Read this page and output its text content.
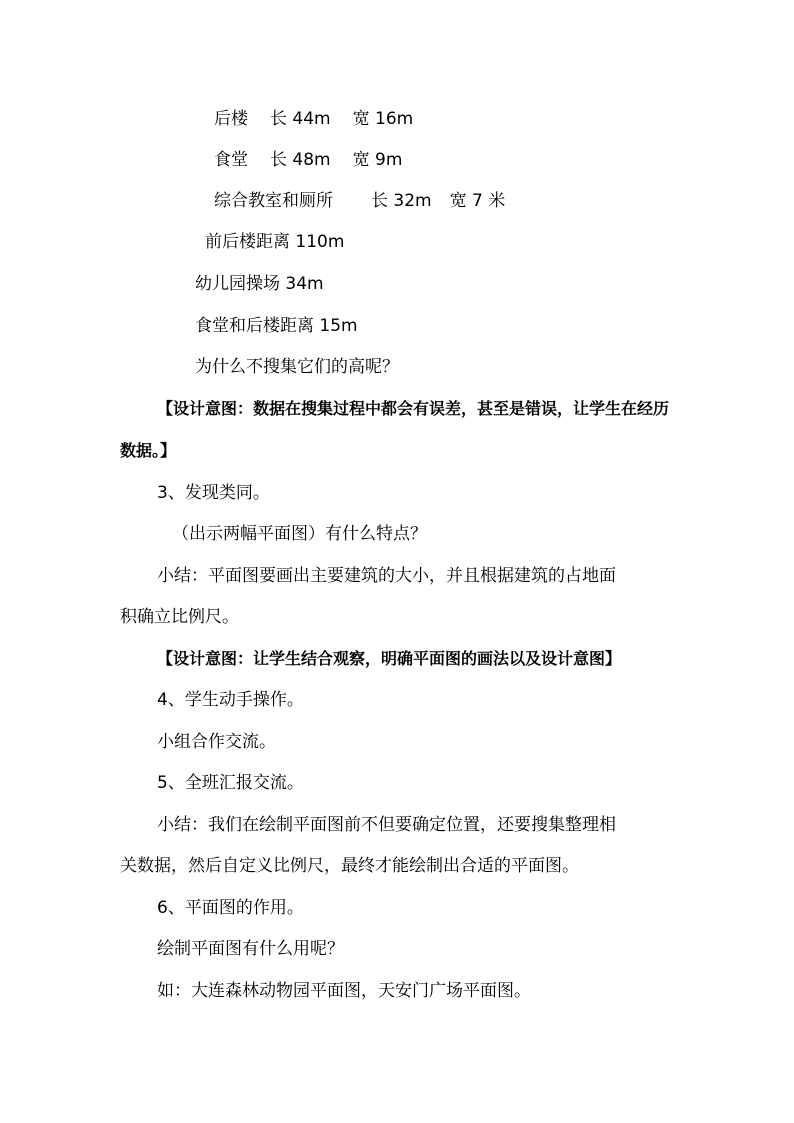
后楼 长 44m 宽 16m
食堂 长 48m 宽 9m
综合教室和厕所 长 32m 宽 7 米
前后楼距离 110m
幼儿园操场 34m
食堂和后楼距离 15m
为什么不搜集它们的高呢？
【设计意图：数据在搜集过程中都会有误差，甚至是错误，让学生在经历
数据。】
3、发现类同。
（出示两幅平面图）有什么特点？
小结：平面图要画出主要建筑的大小，并且根据建筑的占地面
积确立比例尺。
【设计意图：让学生结合观察，明确平面图的画法以及设计意图】
4、学生动手操作。
小组合作交流。
5、全班汇报交流。
小结：我们在绘制平面图前不但要确定位置，还要搜集整理相
关数据，然后自定义比例尺，最终才能绘制出合适的平面图。
6、平面图的作用。
绘制平面图有什么用呢？
如：大连森林动物园平面图，天安门广场平面图。
